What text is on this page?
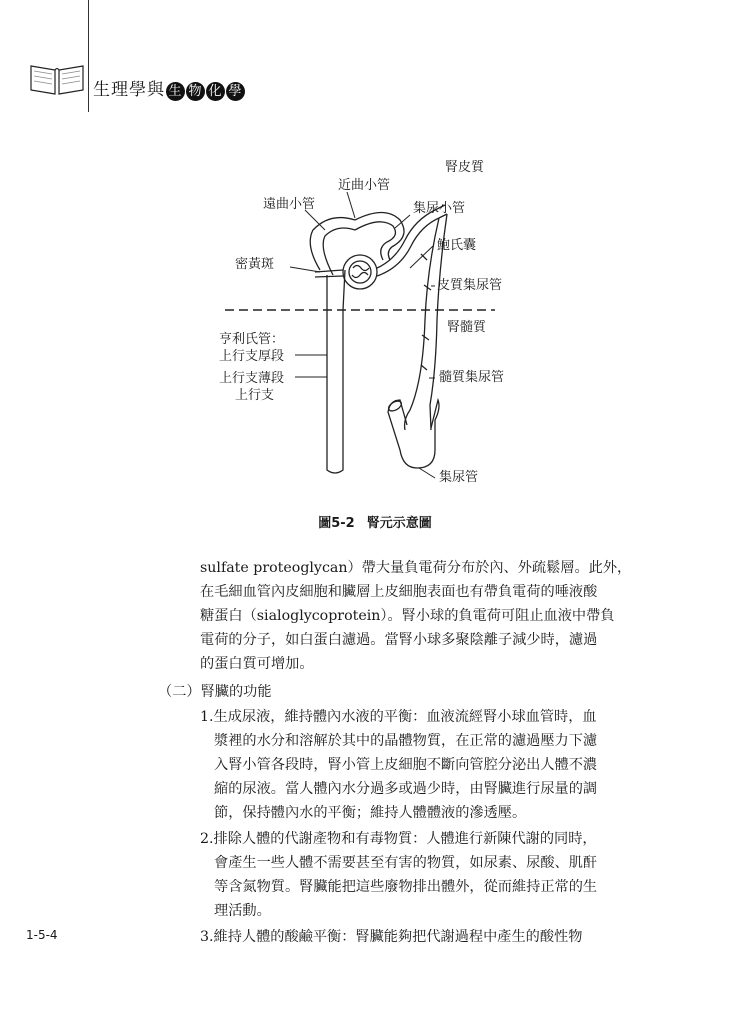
生理學與 生 物 化 學
腎皮質
近曲小管
遠曲小管	集尿小管
鮑氏囊
密黃斑
皮質集尿管
腎髓質
亨利氏管：
上行支厚段
上行支薄段
上行支
髓質集尿管
集尿管
圖5-2 腎元示意圖
sulfate proteoglycan）帶大量負電荷分布於內、外疏鬆層。此外，
在毛細血管內皮細胞和臟層上皮細胞表面也有帶負電荷的唾液酸
糖蛋白（sialoglycoprotein）。腎小球的負電荷可阻止血液中帶負
電荷的分子，如白蛋白濾過。當腎小球多聚陰離子減少時，濾過
的蛋白質可增加。
（二）腎臟的功能
1.生成尿液，維持體內水液的平衡：血液流經腎小球血管時，血
漿裡的水分和溶解於其中的晶體物質，在正常的濾過壓力下濾
入腎小管各段時，腎小管上皮細胞不斷向管腔分泌出人體不濃
縮的尿液。當人體內水分過多或過少時，由腎臟進行尿量的調
節，保持體內水的平衡；維持人體體液的滲透壓。
2.排除人體的代謝產物和有毒物質：人體進行新陳代謝的同時，
會產生一些人體不需要甚至有害的物質，如尿素、尿酸、肌酐
等含氮物質。腎臟能把這些廢物排出體外，從而維持正常的生
理活動。
3.維持人體的酸鹼平衡：腎臟能夠把代謝過程中產生的酸性物
1-5-4
